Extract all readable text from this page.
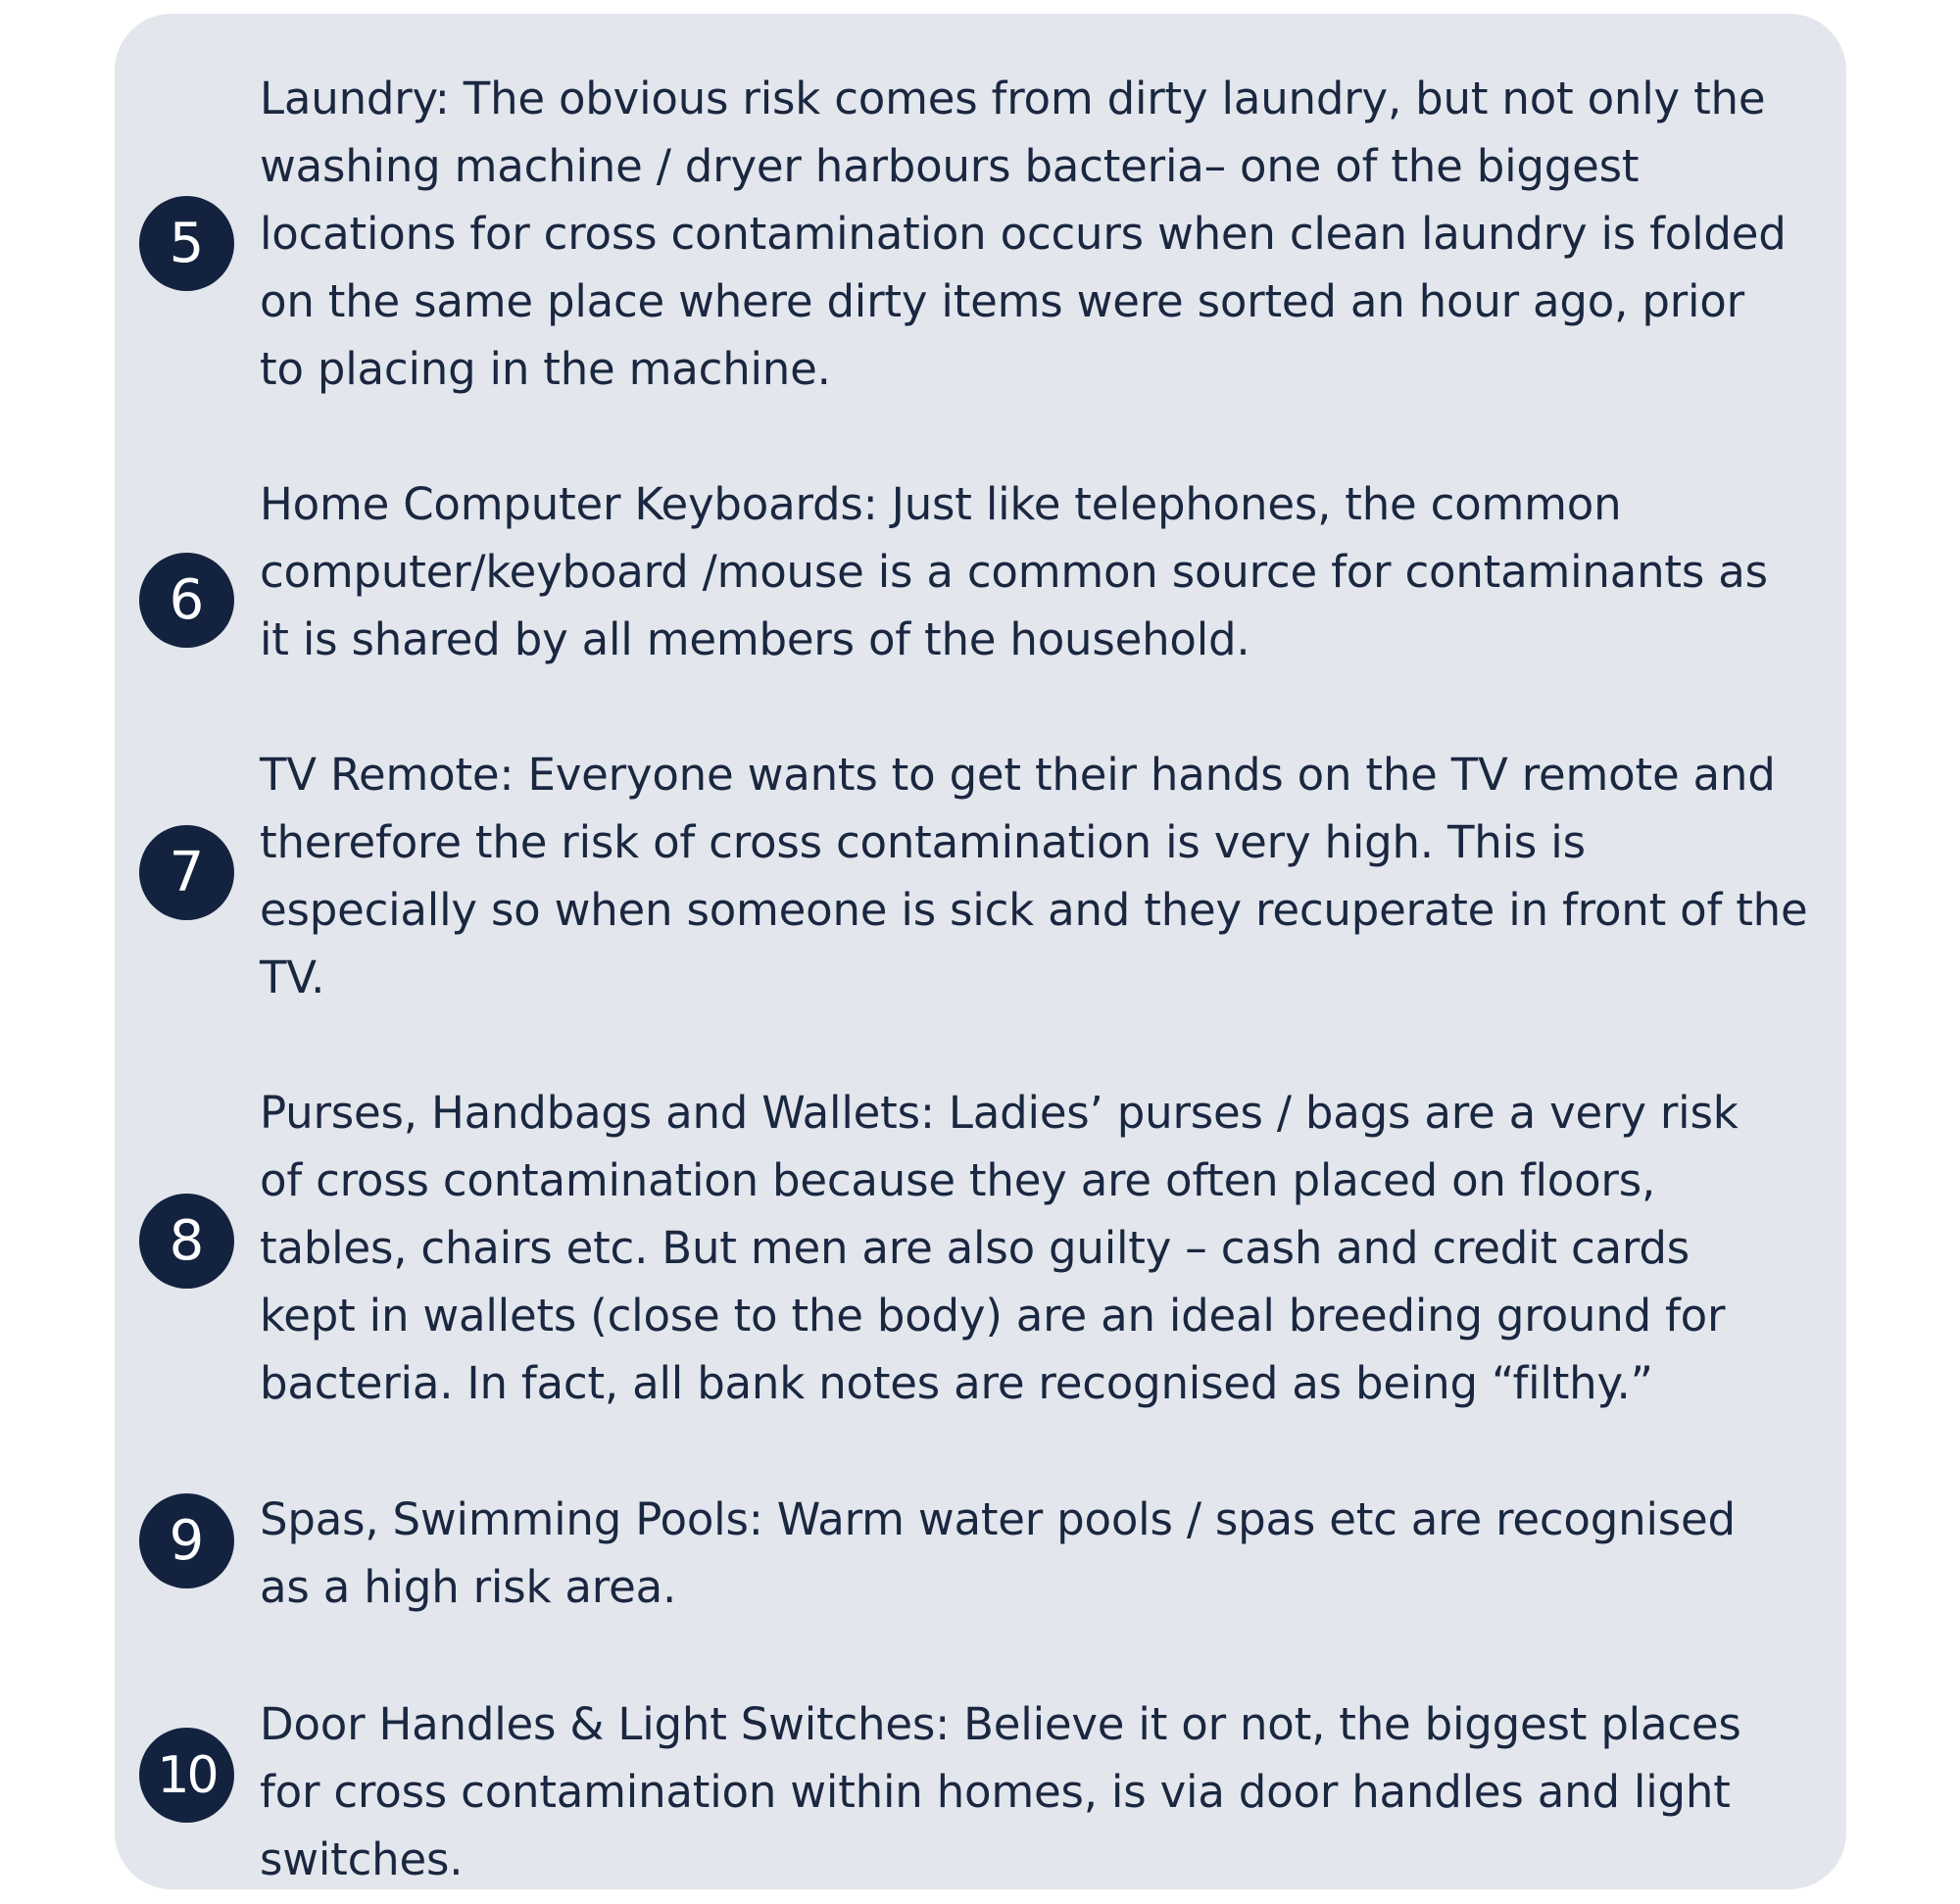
5
Laundry: The obvious risk comes from dirty laundry, but not only the
washing machine / dryer harbours bacteria– one of the biggest
locations for cross contamination occurs when clean laundry is folded
on the same place where dirty items were sorted an hour ago, prior
to placing in the machine.
6
Home Computer Keyboards: Just like telephones, the common
computer/keyboard /mouse is a common source for contaminants as
it is shared by all members of the household.
7
TV Remote: Everyone wants to get their hands on the TV remote and
therefore the risk of cross contamination is very high. This is
especially so when someone is sick and they recuperate in front of the
TV.
8
Purses, Handbags and Wallets: Ladies’ purses / bags are a very risk
of cross contamination because they are often placed on floors,
tables, chairs etc. But men are also guilty – cash and credit cards
kept in wallets (close to the body) are an ideal breeding ground for
bacteria. In fact, all bank notes are recognised as being “filthy.”
9	Spas, Swimming Pools: Warm water pools / spas etc are recognised
as a high risk area.
10
Door Handles & Light Switches: Believe it or not, the biggest places
for cross contamination within homes, is via door handles and light
switches.
